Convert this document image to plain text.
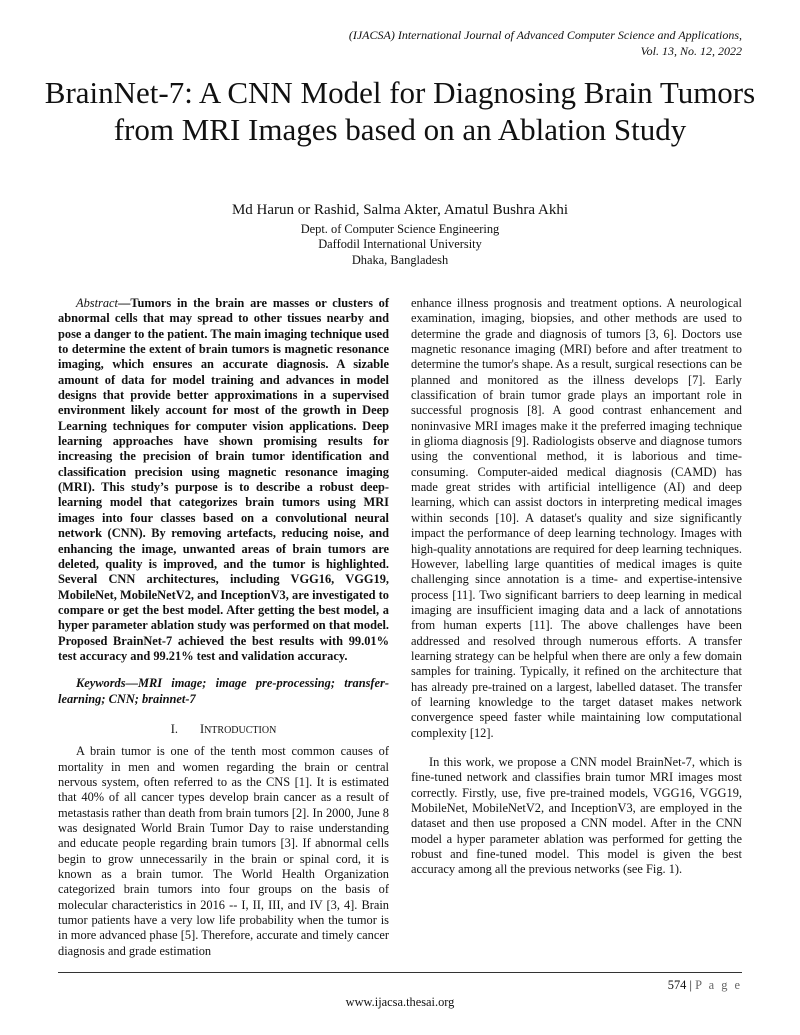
(IJACSA) International Journal of Advanced Computer Science and Applications,
Vol. 13, No. 12, 2022
BrainNet-7: A CNN Model for Diagnosing Brain Tumors from MRI Images based on an Ablation Study
Md Harun or Rashid, Salma Akter, Amatul Bushra Akhi
Dept. of Computer Science Engineering
Daffodil International University
Dhaka, Bangladesh

Abstract—Tumors in the brain are masses or clusters of abnormal cells that may spread to other tissues nearby and pose a danger to the patient. The main imaging technique used to determine the extent of brain tumors is magnetic resonance imaging, which ensures an accurate diagnosis. A sizable amount of data for model training and advances in model designs that provide better approximations in a supervised environment likely account for most of the growth in Deep Learning techniques for computer vision applications. Deep learning approaches have shown promising results for increasing the precision of brain tumor identification and classification precision using magnetic resonance imaging (MRI). This study’s purpose is to describe a robust deep-learning model that categorizes brain tumors using MRI images into four classes based on a convolutional neural network (CNN). By removing artefacts, reducing noise, and enhancing the image, unwanted areas of brain tumors are deleted, quality is improved, and the tumor is highlighted. Several CNN architectures, including VGG16, VGG19, MobileNet, MobileNetV2, and InceptionV3, are investigated to compare or get the best model. After getting the best model, a hyper parameter ablation study was performed on that model. Proposed BrainNet-7 achieved the best results with 99.01% test accuracy and 99.21% test and validation accuracy.

Keywords—MRI image; image pre-processing; transfer-learning; CNN; brainnet-7

I. INTRODUCTION

A brain tumor is one of the tenth most common causes of mortality in men and women regarding the brain or central nervous system, often referred to as the CNS [1]. It is estimated that 40% of all cancer types develop brain cancer as a result of metastasis rather than death from brain tumors [2]. In 2000, June 8 was designated World Brain Tumor Day to raise understanding and educate people regarding brain tumors [3]. If abnormal cells begin to grow unnecessarily in the brain or spinal cord, it is known as a brain tumor. The World Health Organization categorized brain tumors into four groups on the basis of molecular characteristics in 2016 -- I, II, III, and IV [3, 4]. Brain tumor patients have a very low life probability when the tumor is in more advanced phase [5]. Therefore, accurate and timely cancer diagnosis and grade estimation

enhance illness prognosis and treatment options. A neurological examination, imaging, biopsies, and other methods are used to determine the grade and diagnosis of tumors [3, 6]. Doctors use magnetic resonance imaging (MRI) before and after treatment to determine the tumor's shape. As a result, surgical resections can be planned and monitored as the illness develops [7]. Early classification of brain tumor grade plays an important role in successful prognosis [8]. A good contrast enhancement and noninvasive MRI images make it the preferred imaging technique in glioma diagnosis [9]. Radiologists observe and diagnose tumors using the conventional method, it is laborious and time-consuming. Computer-aided medical diagnosis (CAMD) has made great strides with artificial intelligence (AI) and deep learning, which can assist doctors in interpreting medical images within seconds [10]. A dataset's quality and size significantly impact the performance of deep learning technology. Images with high-quality annotations are required for deep learning techniques. However, labelling large quantities of medical images is quite challenging since annotation is a time- and expertise-intensive process [11]. Two significant barriers to deep learning in medical imaging are insufficient imaging data and a lack of annotations from human experts [11]. The above challenges have been addressed and resolved through numerous efforts. A transfer learning strategy can be helpful when there are only a few domain samples for training. Typically, it refined on the architecture that has already pre-trained on a largest, labelled dataset. The transfer of learning knowledge to the target dataset makes network convergence speed faster while maintaining low computational complexity [12].

In this work, we propose a CNN model BrainNet-7, which is fine-tuned network and classifies brain tumor MRI images most correctly. Firstly, use, five pre-trained models, VGG16, VGG19, MobileNet, MobileNetV2, and InceptionV3, are employed in the dataset and then use proposed a CNN model. After in the CNN model a hyper parameter ablation was performed for getting the robust and fine-tuned model. This model is given the best accuracy among all the previous networks (see Fig. 1).

574 | P a g e
www.ijacsa.thesai.org
